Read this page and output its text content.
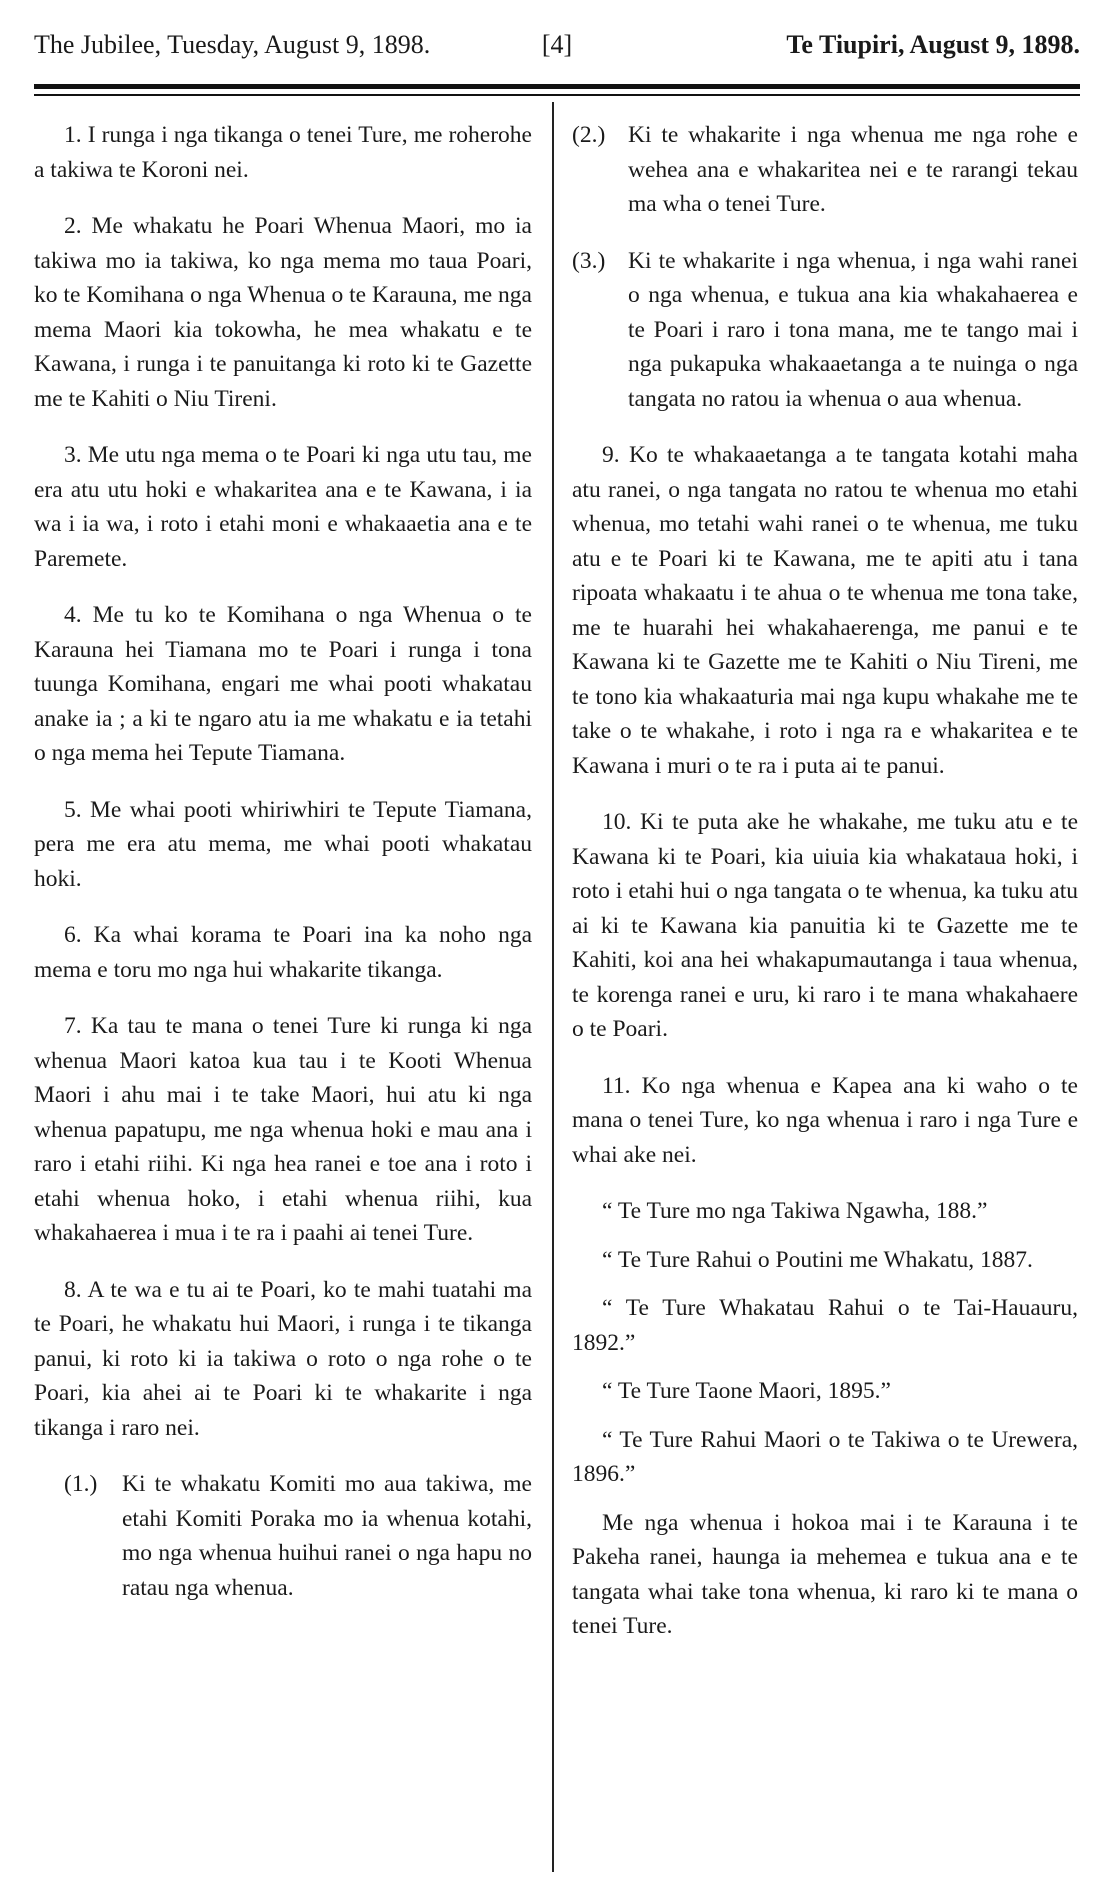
The Jubilee, Tuesday, August 9, 1898.	[4]	Te Tiupiri, August 9, 1898.

1. I runga i nga tikanga o tenei Ture, me roherohe a takiwa te Koroni nei.

2. Me whakatu he Poari Whenua Maori, mo ia takiwa mo ia takiwa, ko nga mema mo taua Poari, ko te Komihana o nga Whenua o te Karauna, me nga mema Maori kia tokowha, he mea whakatu e te Kawana, i runga i te panuitanga ki roto ki te Gazette me te Kahiti o Niu Tireni.

3. Me utu nga mema o te Poari ki nga utu tau, me era atu utu hoki e whakaritea ana e te Kawana, i ia wa i ia wa, i roto i etahi moni e whakaaetia ana e te Paremete.

4. Me tu ko te Komihana o nga Whenua o te Karauna hei Tiamana mo te Poari i runga i tona tuunga Komihana, engari me whai pooti whakatau anake ia ; a ki te ngaro atu ia me whakatu e ia tetahi o nga mema hei Tepute Tiamana.

5. Me whai pooti whiriwhiri te Tepute Tiamana, pera me era atu mema, me whai pooti whakatau hoki.

6. Ka whai korama te Poari ina ka noho nga mema e toru mo nga hui whakarite tikanga.

7. Ka tau te mana o tenei Ture ki runga ki nga whenua Maori katoa kua tau i te Kooti Whenua Maori i ahu mai i te take Maori, hui atu ki nga whenua papatupu, me nga whenua hoki e mau ana i raro i etahi riihi. Ki nga hea ranei e toe ana i roto i etahi whenua hoko, i etahi whenua riihi, kua whakahaerea i mua i te ra i paahi ai tenei Ture.

8. A te wa e tu ai te Poari, ko te mahi tuatahi ma te Poari, he whakatu hui Maori, i runga i te tikanga panui, ki roto ki ia takiwa o roto o nga rohe o te Poari, kia ahei ai te Poari ki te whakarite i nga tikanga i raro nei.

(1.) Ki te whakatu Komiti mo aua takiwa, me etahi Komiti Poraka mo ia whenua kotahi, mo nga whenua huihui ranei o nga hapu no ratau nga whenua.

(2.) Ki te whakarite i nga whenua me nga rohe e wehea ana e whakaritea nei e te rarangi tekau ma wha o tenei Ture.

(3.) Ki te whakarite i nga whenua, i nga wahi ranei o nga whenua, e tukua ana kia whakahaerea e te Poari i raro i tona mana, me te tango mai i nga pukapuka whakaaetanga a te nuinga o nga tangata no ratou ia whenua o aua whenua.

9. Ko te whakaaetanga a te tangata kotahi maha atu ranei, o nga tangata no ratou te whenua mo etahi whenua, mo tetahi wahi ranei o te whenua, me tuku atu e te Poari ki te Kawana, me te apiti atu i tana ripoata whakaatu i te ahua o te whenua me tona take, me te huarahi hei whakahaerenga, me panui e te Kawana ki te Gazette me te Kahiti o Niu Tireni, me te tono kia whakaaturia mai nga kupu whakahe me te take o te whakahe, i roto i nga ra e whakaritea e te Kawana i muri o te ra i puta ai te panui.

10. Ki te puta ake he whakahe, me tuku atu e te Kawana ki te Poari, kia uiuia kia whakataua hoki, i roto i etahi hui o nga tangata o te whenua, ka tuku atu ai ki te Kawana kia panuitia ki te Gazette me te Kahiti, koi ana hei whakapumautanga i taua whenua, te korenga ranei e uru, ki raro i te mana whakahaere o te Poari.

11. Ko nga whenua e Kapea ana ki waho o te mana o tenei Ture, ko nga whenua i raro i nga Ture e whai ake nei.

“ Te Ture mo nga Takiwa Ngawha, 188.”

“ Te Ture Rahui o Poutini me Whakatu, 1887.

“ Te Ture Whakatau Rahui o te Tai-Hauauru, 1892.”

“ Te Ture Taone Maori, 1895.”

“ Te Ture Rahui Maori o te Takiwa o te Urewera, 1896.”

Me nga whenua i hokoa mai i te Karauna i te Pakeha ranei, haunga ia mehemea e tukua ana e te tangata whai take tona whenua, ki raro ki te mana o tenei Ture.
